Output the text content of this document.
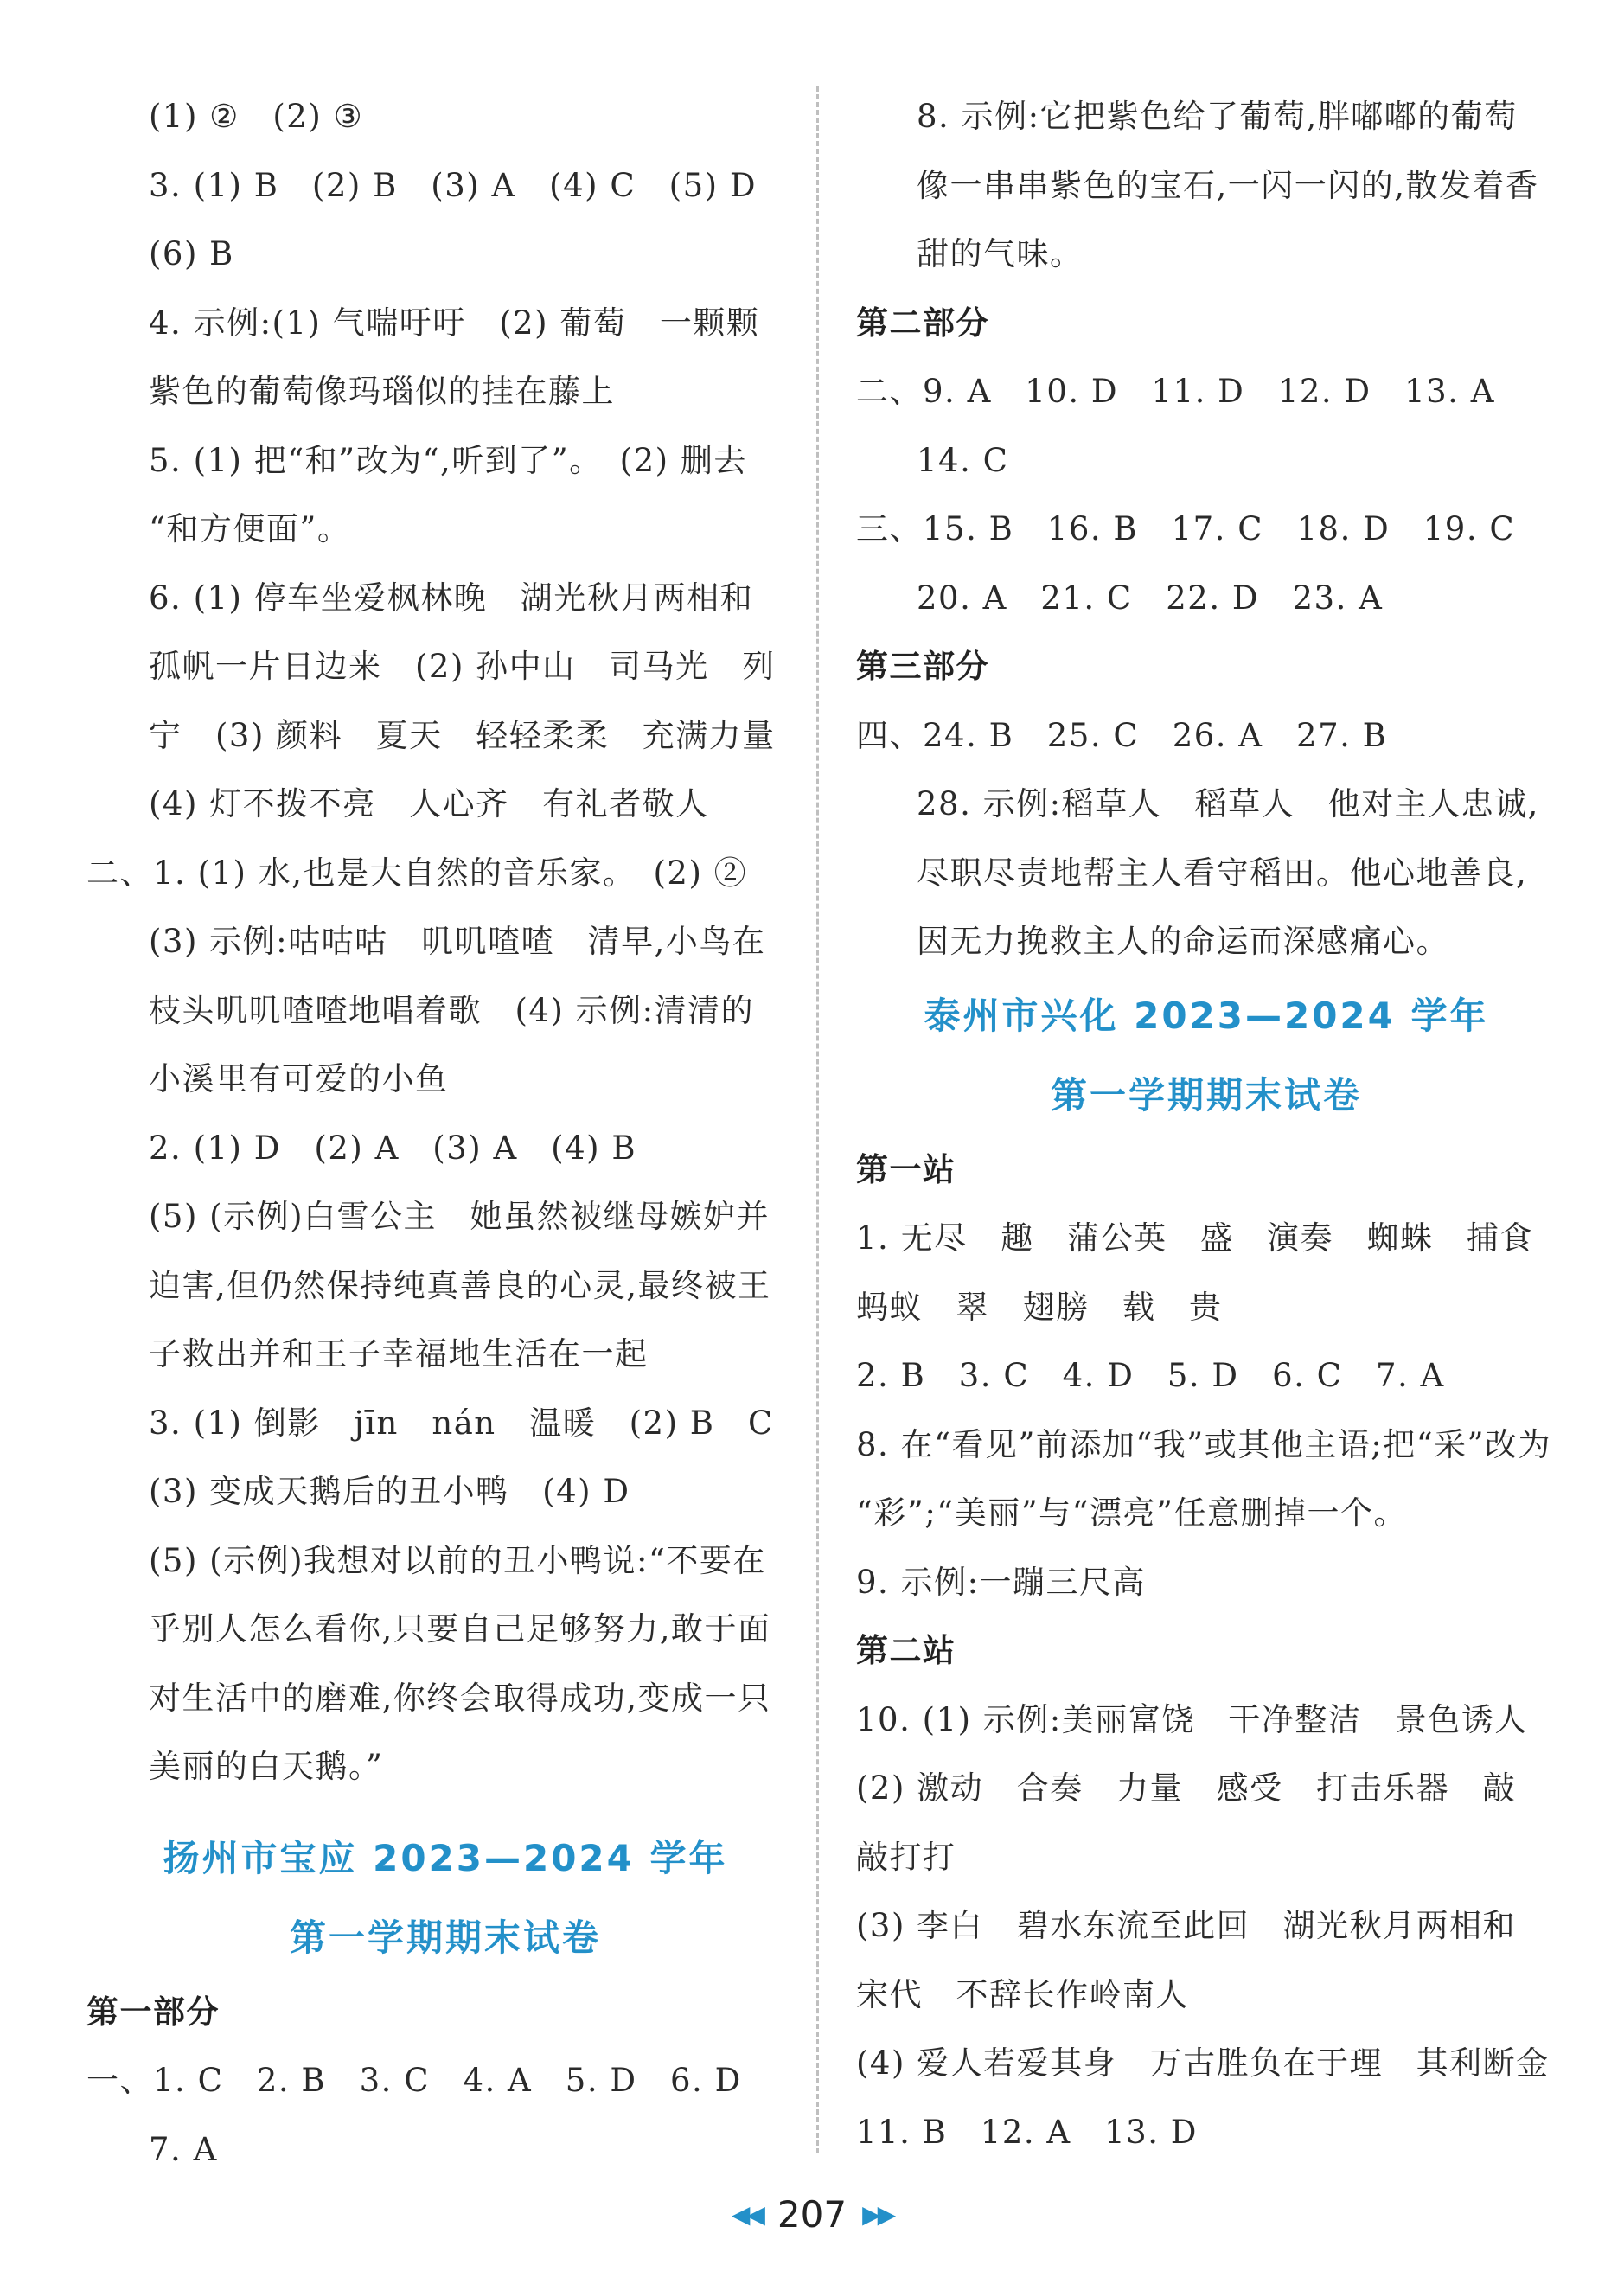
(1) ②　(2) ③
3. (1) B　(2) B　(3) A　(4) C　(5) D
(6) B
4. 示例:(1) 气喘吁吁　(2) 葡萄　一颗颗
紫色的葡萄像玛瑙似的挂在藤上
5. (1) 把“和”改为“,听到了”。　(2) 删去
“和方便面”。
6. (1) 停车坐爱枫林晚　湖光秋月两相和
孤帆一片日边来　(2) 孙中山　司马光　列
宁　(3) 颜料　夏天　轻轻柔柔　充满力量
(4) 灯不拨不亮　人心齐　有礼者敬人
二、1. (1) 水,也是大自然的音乐家。　(2) ②
(3) 示例:咕咕咕　叽叽喳喳　清早,小鸟在
枝头叽叽喳喳地唱着歌　(4) 示例:清清的
小溪里有可爱的小鱼
2. (1) D　(2) A　(3) A　(4) B
(5) (示例)白雪公主　她虽然被继母嫉妒并
迫害,但仍然保持纯真善良的心灵,最终被王
子救出并和王子幸福地生活在一起
3. (1) 倒影　jīn　nán　温暖　(2) B　C
(3) 变成天鹅后的丑小鸭　(4) D
(5) (示例)我想对以前的丑小鸭说:“不要在
乎别人怎么看你,只要自己足够努力,敢于面
对生活中的磨难,你终会取得成功,变成一只
美丽的白天鹅。”
扬州市宝应 2023—2024 学年
第一学期期末试卷
第一部分
一、1. C　2. B　3. C　4. A　5. D　6. D
7. A
8. 示例:它把紫色给了葡萄,胖嘟嘟的葡萄
像一串串紫色的宝石,一闪一闪的,散发着香
甜的气味。
第二部分
二、9. A　10. D　11. D　12. D　13. A
14. C
三、15. B　16. B　17. C　18. D　19. C
20. A　21. C　22. D　23. A
第三部分
四、24. B　25. C　26. A　27. B
28. 示例:稻草人　稻草人　他对主人忠诚,
尽职尽责地帮主人看守稻田。他心地善良,
因无力挽救主人的命运而深感痛心。
泰州市兴化 2023—2024 学年
第一学期期末试卷
第一站
1. 无尽　趣　蒲公英　盛　演奏　蜘蛛　捕食
蚂蚁　翠　翅膀　载　贵
2. B　3. C　4. D　5. D　6. C　7. A
8. 在“看见”前添加“我”或其他主语;把“采”改为
“彩”;“美丽”与“漂亮”任意删掉一个。
9. 示例:一蹦三尺高
第二站
10. (1) 示例:美丽富饶　干净整洁　景色诱人
(2) 激动　合奏　力量　感受　打击乐器　敲
敲打打
(3) 李白　碧水东流至此回　湖光秋月两相和
宋代　不辞长作岭南人
(4) 爱人若爱其身　万古胜负在于理　其利断金
11. B　12. A　13. D
◀◀ 207 ▶▶
